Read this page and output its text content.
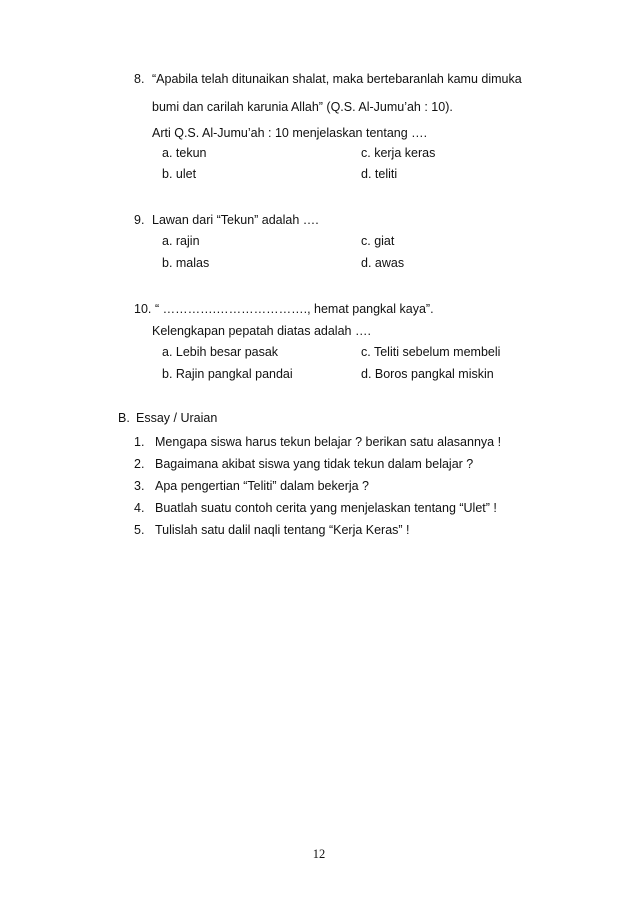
8. “Apabila telah ditunaikan shalat, maka bertebaranlah kamu dimuka
bumi dan carilah karunia Allah” (Q.S. Al-Jumu’ah : 10).
Arti Q.S. Al-Jumu’ah : 10 menjelaskan tentang ….
a. tekun	c. kerja keras
b. ulet	d. teliti
9. Lawan dari “Tekun” adalah ….
a. rajin	c. giat
b. malas	d. awas
10. “ ………….…………………., hemat pangkal kaya”.
Kelengkapan pepatah diatas adalah ….
a. Lebih besar pasak	c. Teliti sebelum membeli
b. Rajin pangkal pandai	d. Boros pangkal miskin
B. Essay / Uraian
1. Mengapa siswa harus tekun belajar ? berikan satu alasannya !
2. Bagaimana akibat siswa yang tidak tekun dalam belajar ?
3. Apa pengertian “Teliti” dalam bekerja ?
4. Buatlah suatu contoh cerita yang menjelaskan tentang “Ulet” !
5. Tulislah satu dalil naqli tentang “Kerja Keras” !
12
